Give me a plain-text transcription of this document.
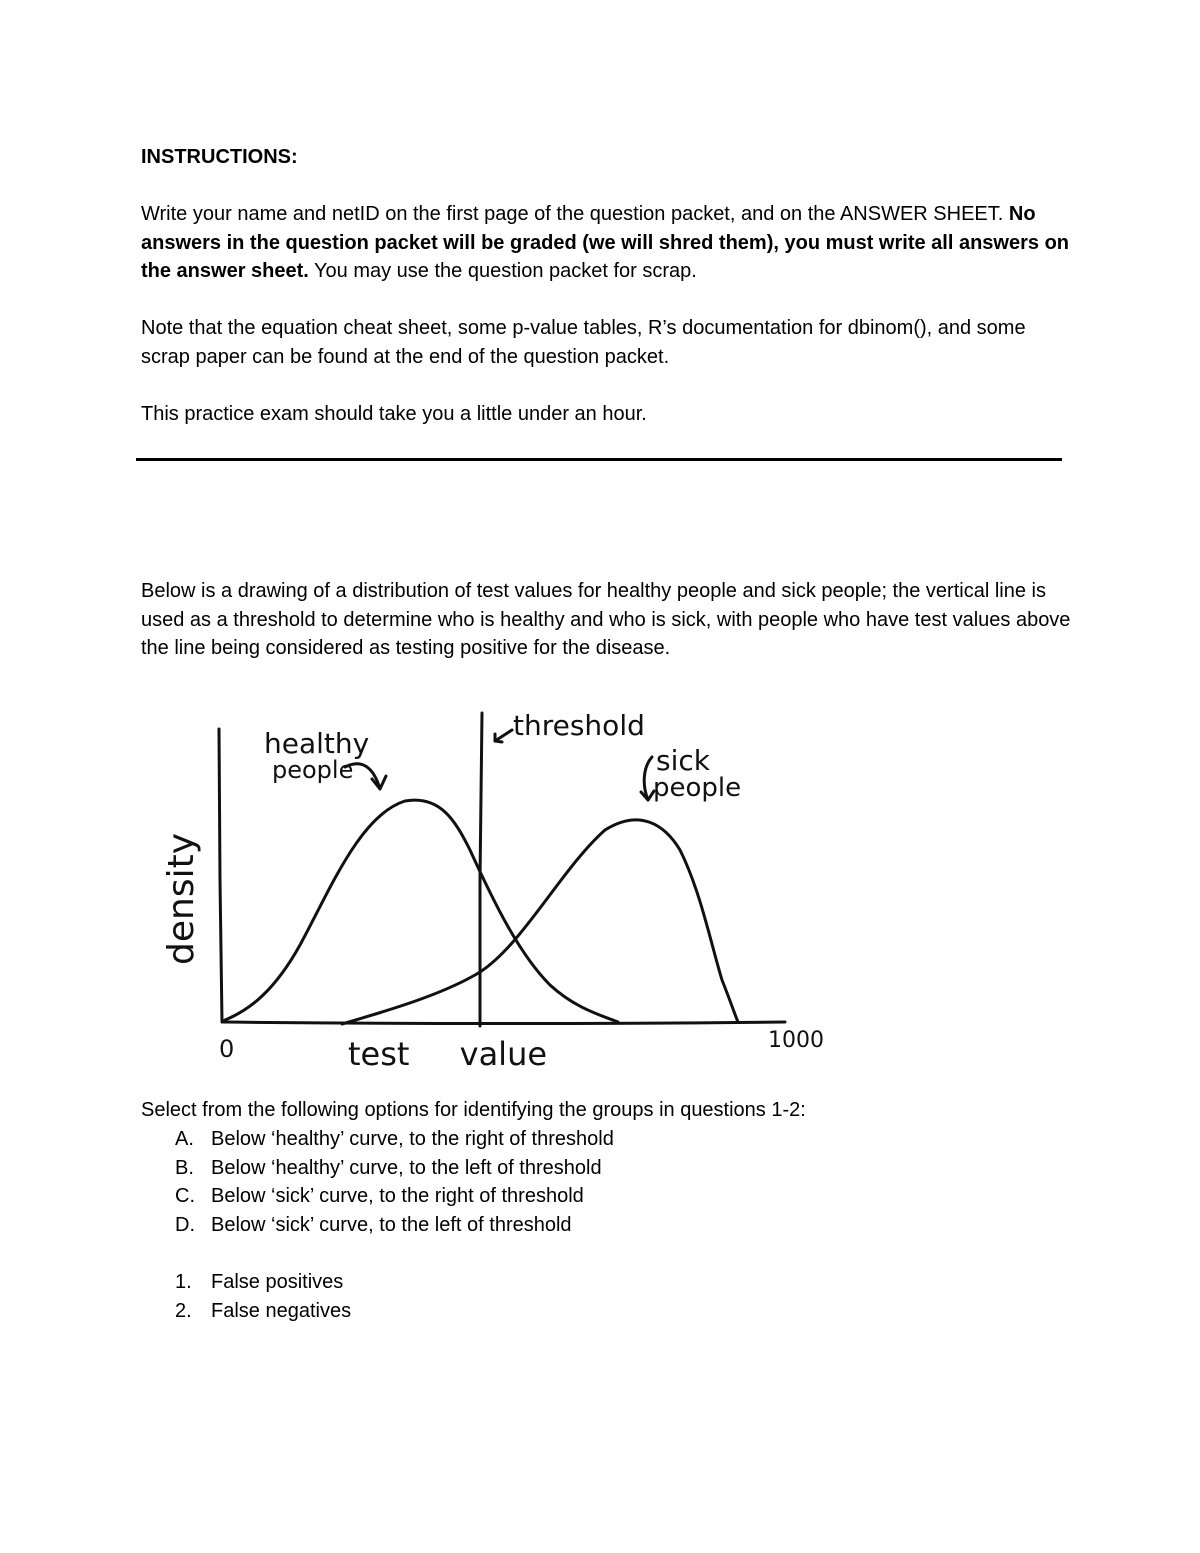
INSTRUCTIONS:
Write your name and netID on the first page of the question packet, and on the ANSWER SHEET. No answers in the question packet will be graded (we will shred them), you must write all answers on the answer sheet. You may use the question packet for scrap.
Note that the equation cheat sheet, some p-value tables, R’s documentation for dbinom(), and some scrap paper can be found at the end of the question packet.
This practice exam should take you a little under an hour.
Below is a drawing of a distribution of test values for healthy people and sick people; the vertical line is used as a threshold to determine who is healthy and who is sick, with people who have test values above the line being considered as testing positive for the disease.
healthy
people
threshold
sick
people
density
test value
0	1000
Select from the following options for identifying the groups in questions 1-2:
A. Below ‘healthy’ curve, to the right of threshold
B. Below ‘healthy’ curve, to the left of threshold
C. Below ‘sick’ curve, to the right of threshold
D. Below ‘sick’ curve, to the left of threshold
1. False positives
2. False negatives
